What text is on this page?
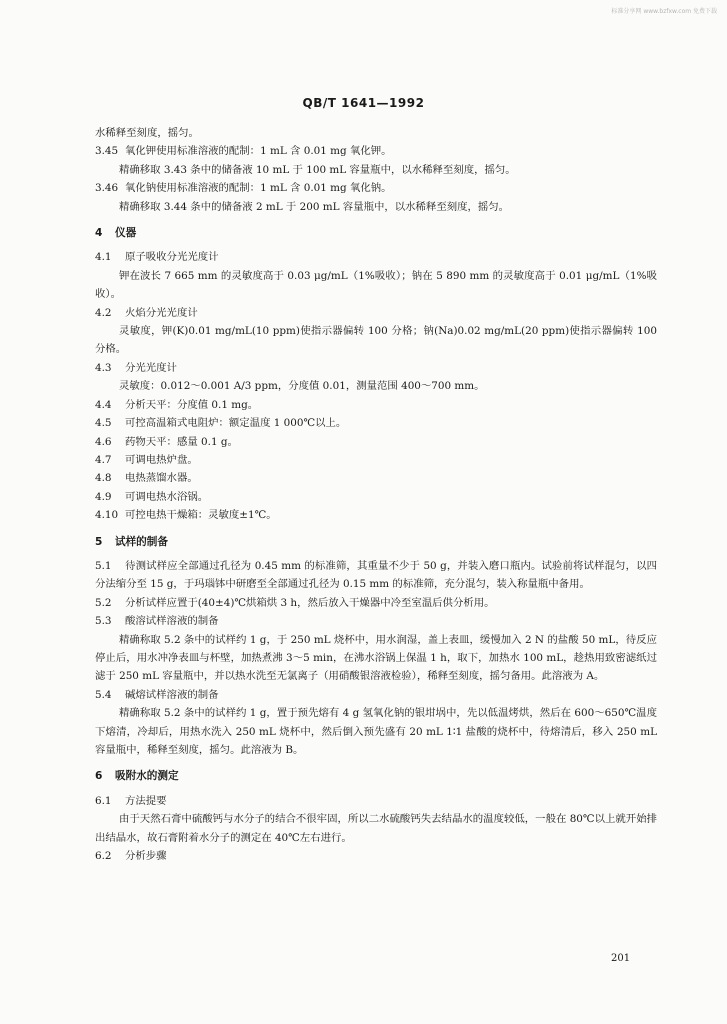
标准分享网 www.bzfxw.com 免费下载
QB/T 1641—1992
水稀释至刻度，摇匀。
3.45 氧化钾使用标准溶液的配制：1 mL 含 0.01 mg 氧化钾。
精确移取 3.43 条中的储备液 10 mL 于 100 mL 容量瓶中，以水稀释至刻度，摇匀。
3.46 氧化钠使用标准溶液的配制：1 mL 含 0.01 mg 氧化钠。
精确移取 3.44 条中的储备液 2 mL 于 200 mL 容量瓶中，以水稀释至刻度，摇匀。
4 仪器
4.1 原子吸收分光光度计
钾在波长 7 665 mm 的灵敏度高于 0.03 μg/mL（1%吸收）；钠在 5 890 mm 的灵敏度高于 0.01 μg/mL（1%吸收）。
4.2 火焰分光光度计
灵敏度，钾(K)0.01 mg/mL(10 ppm)使指示器偏转 100 分格；钠(Na)0.02 mg/mL(20 ppm)使指示器偏转 100 分格。
4.3 分光光度计
灵敏度：0.012～0.001 A/3 ppm，分度值 0.01，测量范围 400～700 mm。
4.4 分析天平：分度值 0.1 mg。
4.5 可控高温箱式电阻炉：额定温度 1 000℃以上。
4.6 药物天平：感量 0.1 g。
4.7 可调电热炉盘。
4.8 电热蒸馏水器。
4.9 可调电热水浴锅。
4.10 可控电热干燥箱：灵敏度±1℃。
5 试样的制备
5.1 待测试样应全部通过孔径为 0.45 mm 的标准筛，其重量不少于 50 g，并装入磨口瓶内。试验前将试样混匀，以四分法缩分至 15 g，于玛瑙钵中研磨至全部通过孔径为 0.15 mm 的标准筛，充分混匀，装入称量瓶中备用。
5.2 分析试样应置于(40±4)℃烘箱烘 3 h，然后放入干燥器中冷至室温后供分析用。
5.3 酸溶试样溶液的制备
精确称取 5.2 条中的试样约 1 g，于 250 mL 烧杯中，用水润湿，盖上表皿，缓慢加入 2 N 的盐酸 50 mL，待反应停止后，用水冲净表皿与杯壁，加热煮沸 3～5 min，在沸水浴锅上保温 1 h，取下，加热水 100 mL，趁热用致密滤纸过滤于 250 mL 容量瓶中，并以热水洗至无氯离子（用硝酸银溶液检验），稀释至刻度，摇匀备用。此溶液为 A。
5.4 碱熔试样溶液的制备
精确称取 5.2 条中的试样约 1 g，置于预先熔有 4 g 氢氧化钠的银坩埚中，先以低温烤烘，然后在 600～650℃温度下熔清，冷却后，用热水洗入 250 mL 烧杯中，然后倒入预先盛有 20 mL 1∶1 盐酸的烧杯中，待熔清后，移入 250 mL 容量瓶中，稀释至刻度，摇匀。此溶液为 B。
6 吸附水的测定
6.1 方法提要
由于天然石膏中硫酸钙与水分子的结合不很牢固，所以二水硫酸钙失去结晶水的温度较低，一般在 80℃以上就开始排出结晶水，故石膏附着水分子的测定在 40℃左右进行。
6.2 分析步骤
201
